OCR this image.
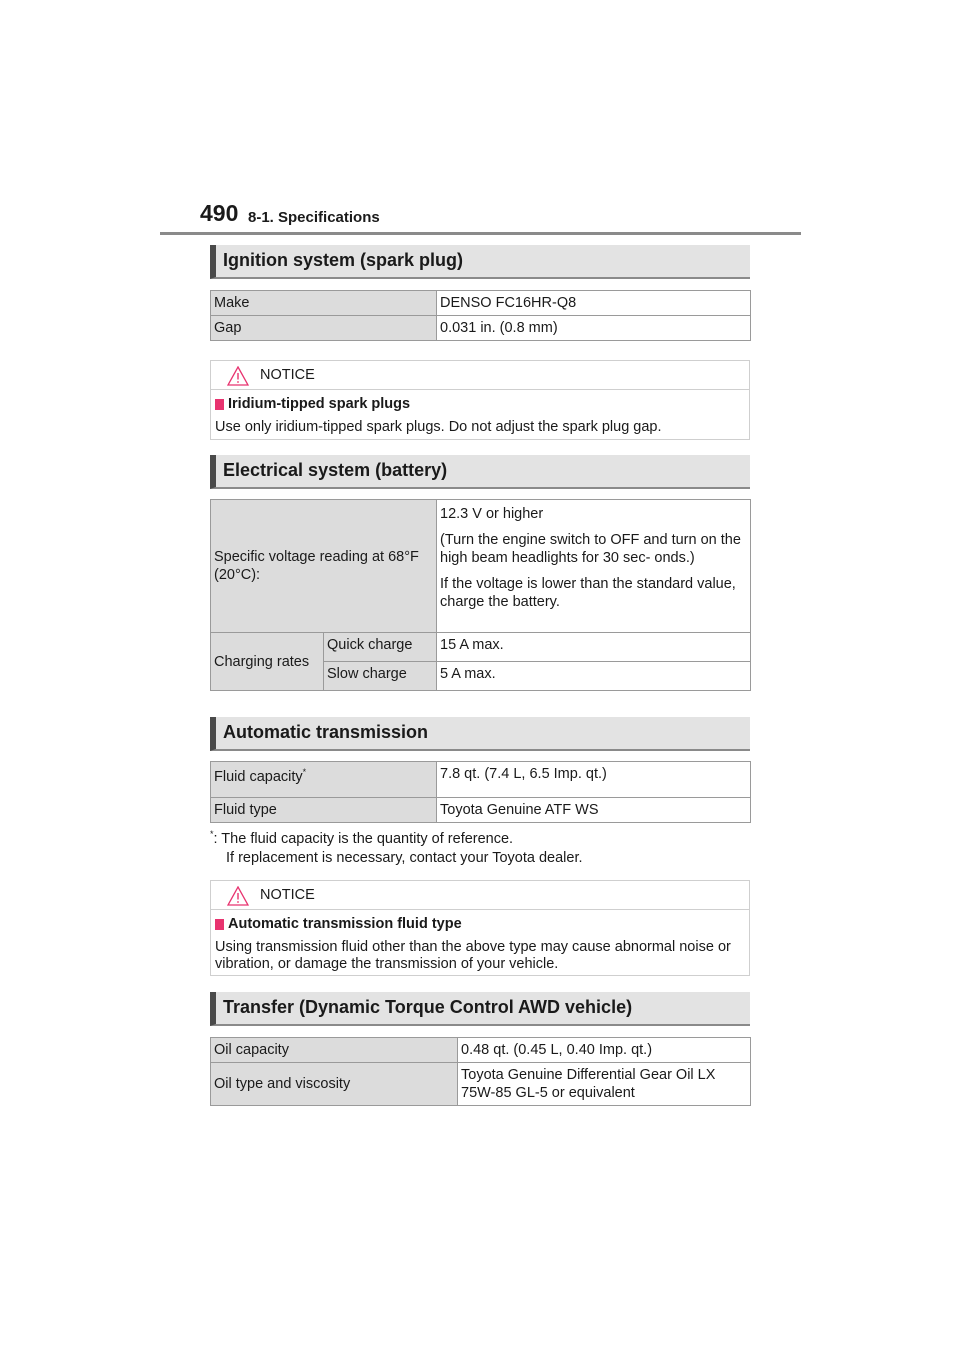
490 8-1. Specifications
Ignition system (spark plug)
Make	DENSO FC16HR-Q8
Gap	0.031 in. (0.8 mm)
NOTICE
Iridium-tipped spark plugs
Use only iridium-tipped spark plugs. Do not adjust the spark plug gap.
Electrical system (battery)
Specific voltage reading at 68°F (20°C):		12.3 V or higher

(Turn the engine switch to OFF and turn on the high beam headlights for 30 sec- onds.)

If the voltage is lower than the standard value, charge the battery.

Charging rates	Quick charge	15 A max.
	Slow charge	5 A max.
Automatic transmission
Fluid capacity*	7.8 qt. (7.4 L, 6.5 Imp. qt.)
Fluid type	Toyota Genuine ATF WS
*: The fluid capacity is the quantity of reference.
If replacement is necessary, contact your Toyota dealer.
NOTICE
Automatic transmission fluid type
Using transmission fluid other than the above type may cause abnormal noise or vibration, or damage the transmission of your vehicle.
Transfer (Dynamic Torque Control AWD vehicle)
Oil capacity	0.48 qt. (0.45 L, 0.40 Imp. qt.)
Oil type and viscosity	Toyota Genuine Differential Gear Oil LX 75W-85 GL-5 or equivalent
